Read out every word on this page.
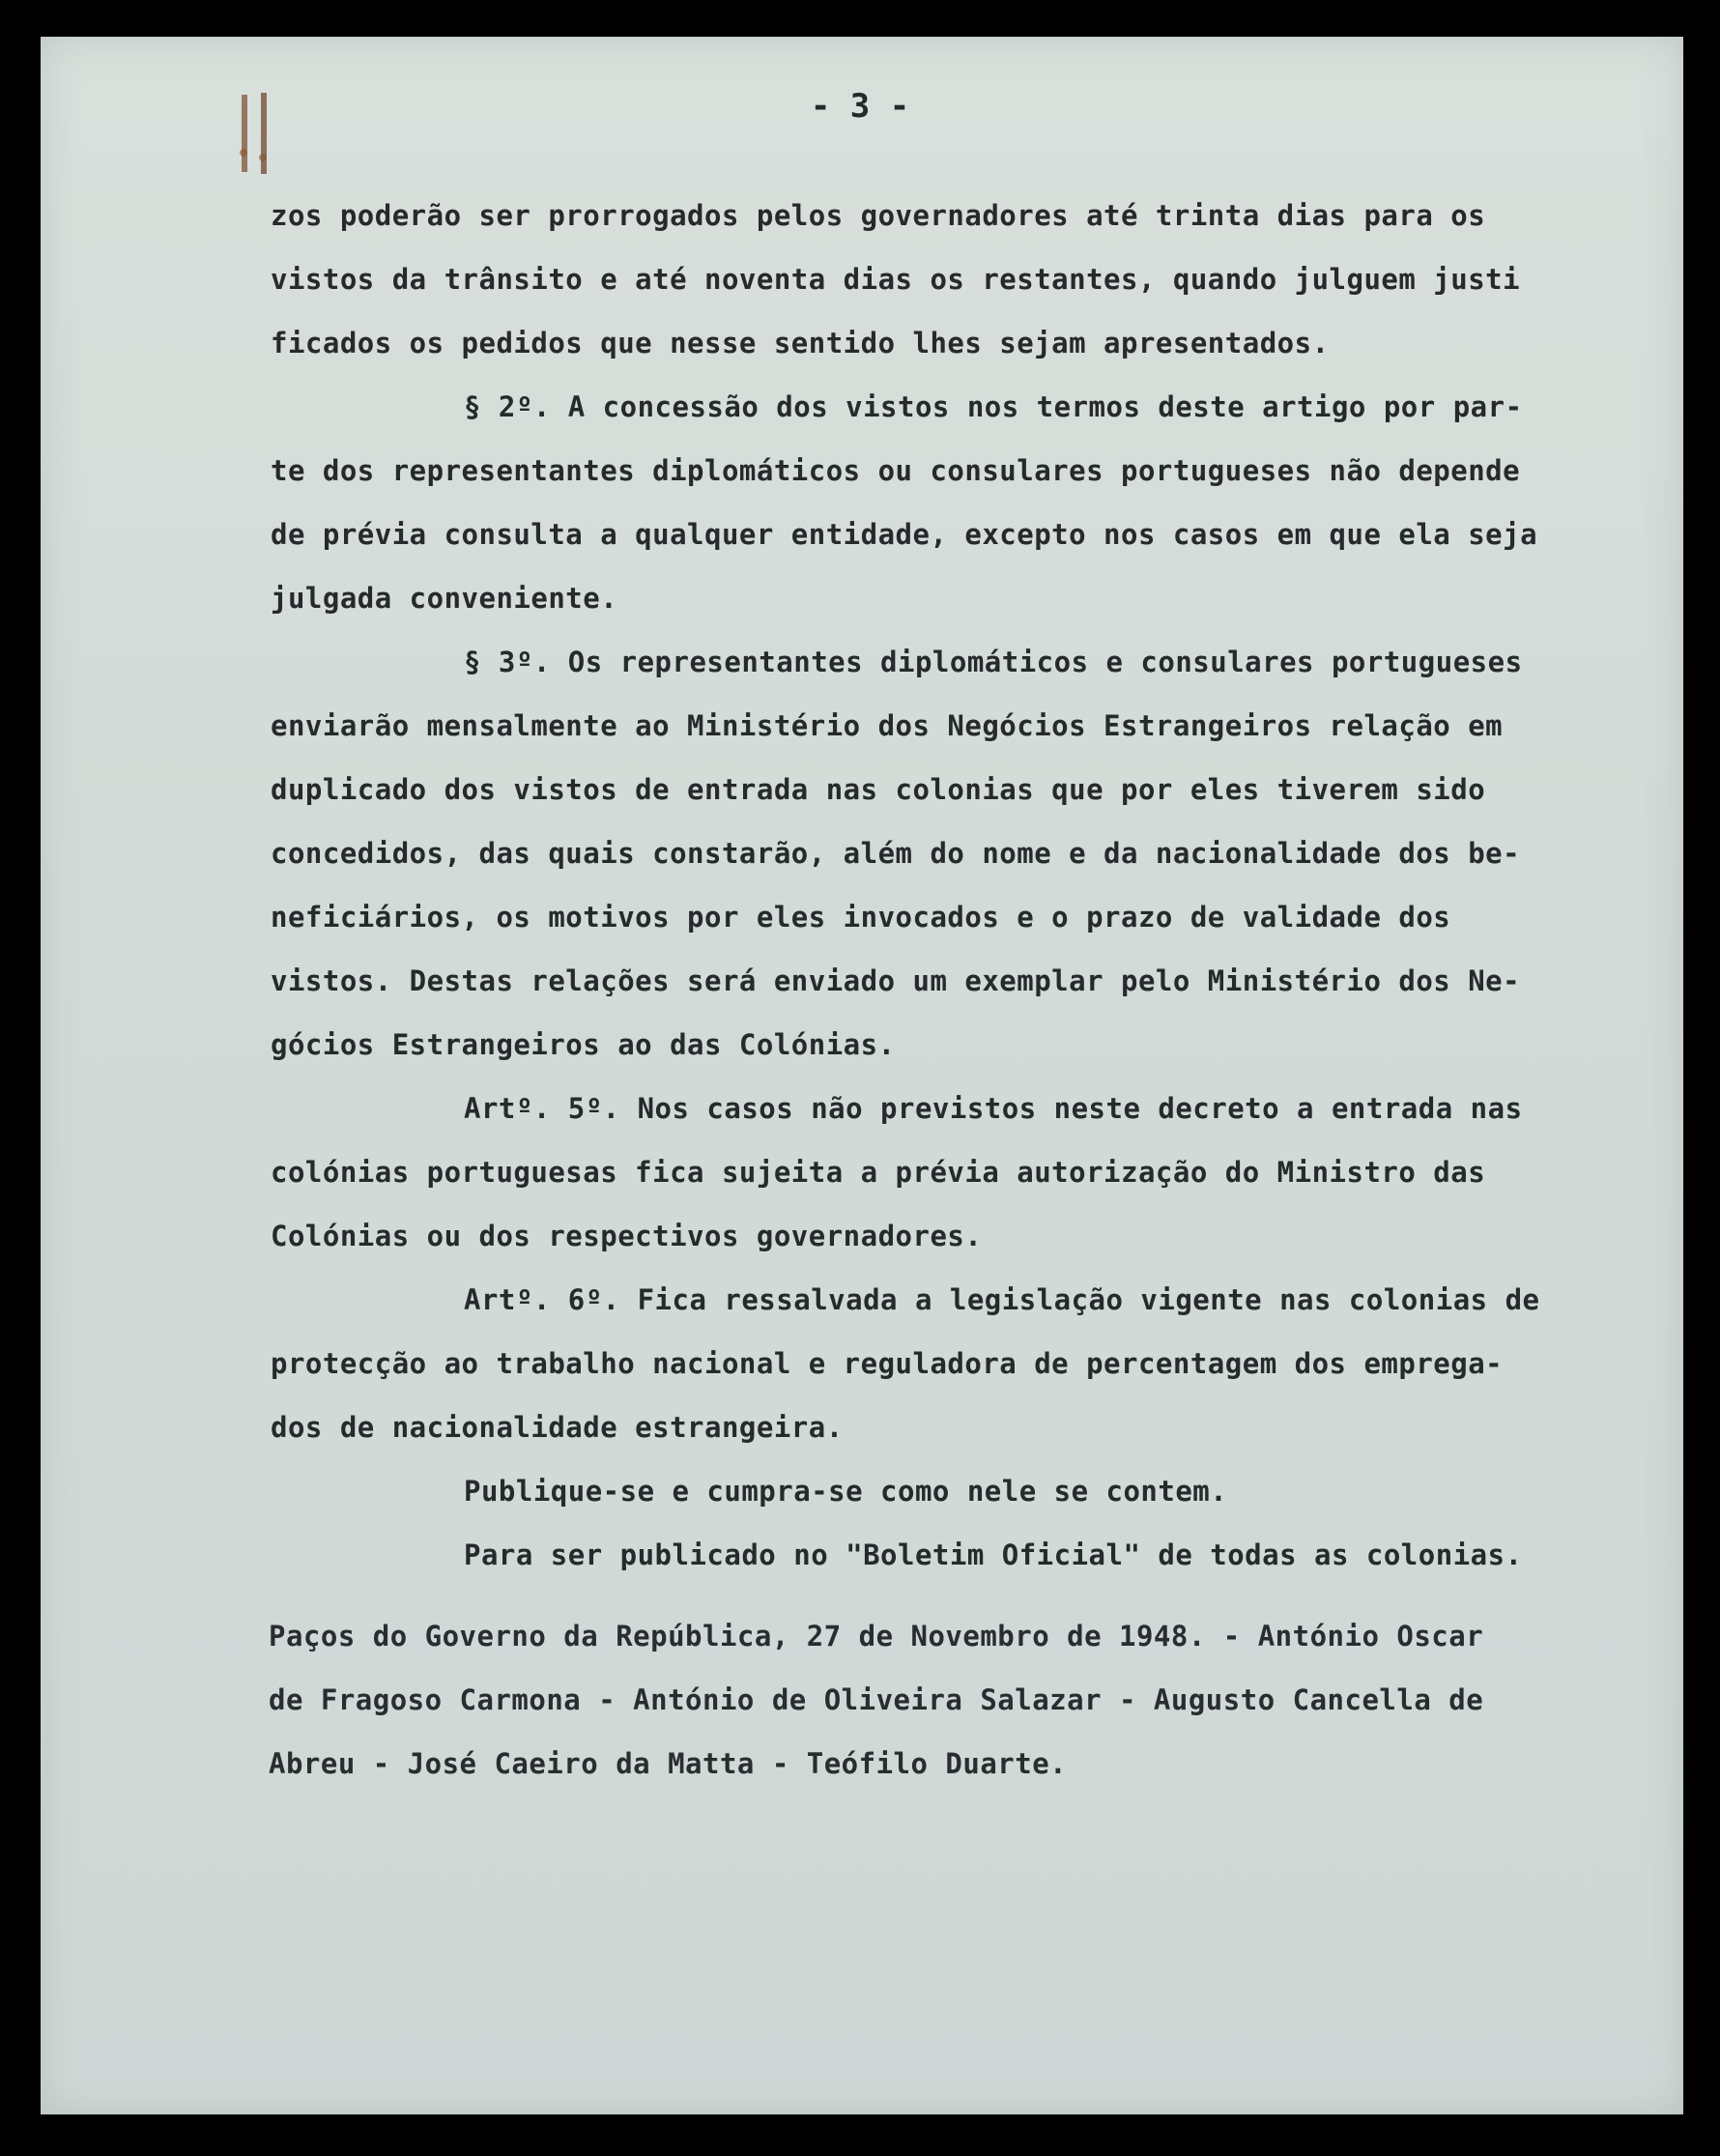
- 3 -
zos poderão ser prorrogados pelos governadores até trinta dias para os
vistos da trânsito e até noventa dias os restantes, quando julguem justi
ficados os pedidos que nesse sentido lhes sejam apresentados.
§ 2º. A concessão dos vistos nos termos deste artigo por par-
te dos representantes diplomáticos ou consulares portugueses não depende
de prévia consulta a qualquer entidade, excepto nos casos em que ela seja
julgada conveniente.
§ 3º. Os representantes diplomáticos e consulares portugueses
enviarão mensalmente ao Ministério dos Negócios Estrangeiros relação em
duplicado dos vistos de entrada nas colonias que por eles tiverem sido
concedidos, das quais constarão, além do nome e da nacionalidade dos be-
neficiários, os motivos por eles invocados e o prazo de validade dos
vistos. Destas relações será enviado um exemplar pelo Ministério dos Ne-
gócios Estrangeiros ao das Colónias.
Artº. 5º. Nos casos não previstos neste decreto a entrada nas
colónias portuguesas fica sujeita a prévia autorização do Ministro das
Colónias ou dos respectivos governadores.
Artº. 6º. Fica ressalvada a legislação vigente nas colonias de
protecção ao trabalho nacional e reguladora de percentagem dos emprega-
dos de nacionalidade estrangeira.
Publique-se e cumpra-se como nele se contem.
Para ser publicado no "Boletim Oficial" de todas as colonias.
Paços do Governo da República, 27 de Novembro de 1948. - António Oscar
de Fragoso Carmona - António de Oliveira Salazar - Augusto Cancella de
Abreu - José Caeiro da Matta - Teófilo Duarte.
